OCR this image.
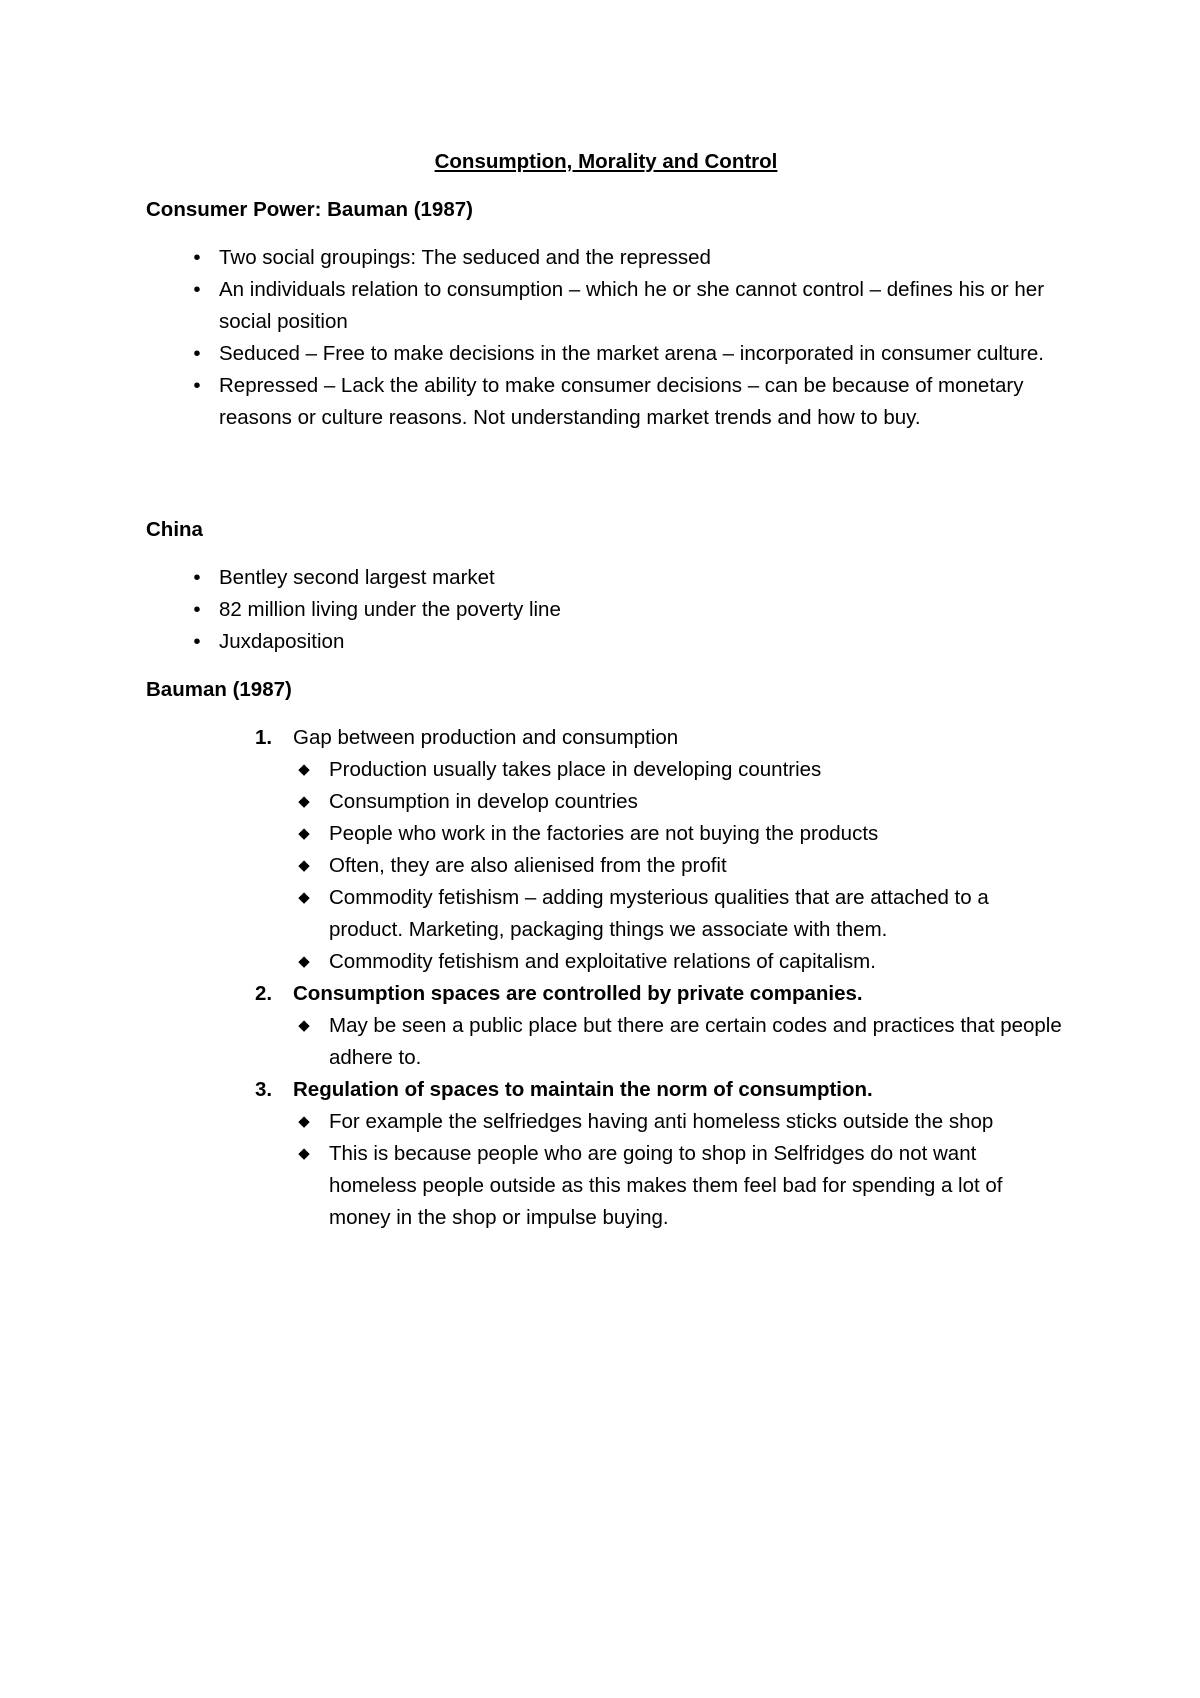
Consumption, Morality and Control
Consumer Power: Bauman (1987)
• Two social groupings: The seduced and the repressed
• An individuals relation to consumption – which he or she cannot control – defines his or her social position
• Seduced – Free to make decisions in the market arena – incorporated in consumer culture.
• Repressed – Lack the ability to make consumer decisions – can be because of monetary reasons or culture reasons. Not understanding market trends and how to buy.
China
• Bentley second largest market
• 82 million living under the poverty line
• Juxdaposition
Bauman (1987)
1.	Gap between production and consumption
◆ Production usually takes place in developing countries
◆ Consumption in develop countries
◆ People who work in the factories are not buying the products
◆ Often, they are also alienised from the profit
◆ Commodity fetishism – adding mysterious qualities that are attached to a product. Marketing, packaging things we associate with them.
◆ Commodity fetishism and exploitative relations of capitalism.
2.	Consumption spaces are controlled by private companies.
◆ May be seen a public place but there are certain codes and practices that people adhere to.
3.	Regulation of spaces to maintain the norm of consumption.
◆ For example the selfriedges having anti homeless sticks outside the shop
◆ This is because people who are going to shop in Selfridges do not want homeless people outside as this makes them feel bad for spending a lot of money in the shop or impulse buying.
